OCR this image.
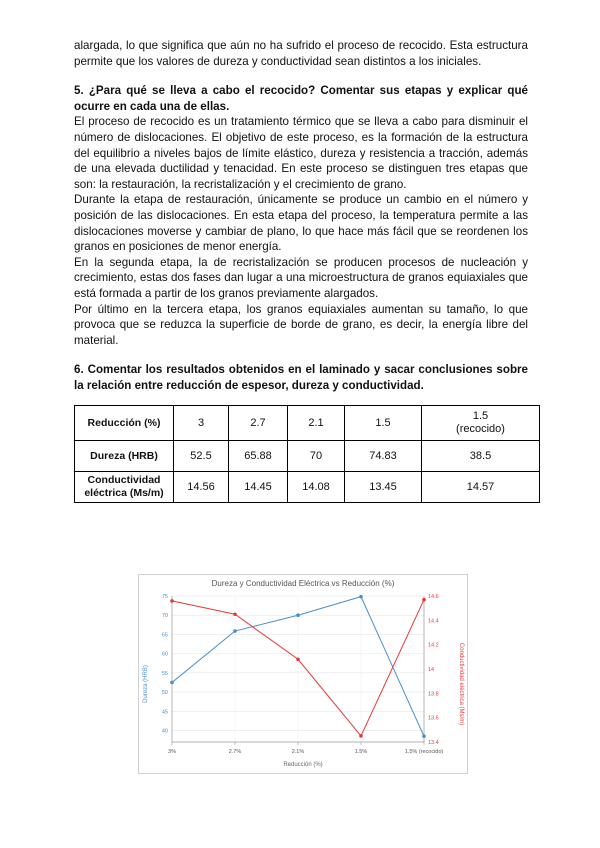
alargada, lo que significa que aún no ha sufrido el proceso de recocido. Esta estructura permite que los valores de dureza y conductividad sean distintos a los iniciales.

5. ¿Para qué se lleva a cabo el recocido? Comentar sus etapas y explicar qué ocurre en cada una de ellas.

El proceso de recocido es un tratamiento térmico que se lleva a cabo para disminuir el número de dislocaciones. El objetivo de este proceso, es la formación de la estructura del equilibrio a niveles bajos de límite elástico, dureza y resistencia a tracción, además de una elevada ductilidad y tenacidad. En este proceso se distinguen tres etapas que son: la restauración, la recristalización y el crecimiento de grano.

Durante la etapa de restauración, únicamente se produce un cambio en el número y posición de las dislocaciones. En esta etapa del proceso, la temperatura permite a las dislocaciones moverse y cambiar de plano, lo que hace más fácil que se reordenen los granos en posiciones de menor energía.

En la segunda etapa, la de recristalización se producen procesos de nucleación y crecimiento, estas dos fases dan lugar a una microestructura de granos equiaxiales que está formada a partir de los granos previamente alargados.

Por último en la tercera etapa, los granos equiaxiales aumentan su tamaño, lo que provoca que se reduzca la superficie de borde de grano, es decir, la energía libre del material.

6. Comentar los resultados obtenidos en el laminado y sacar conclusiones sobre la relación entre reducción de espesor, dureza y conductividad.
Reducción (%)	3	2.7	2.1	1.5	1.5
(recocido)
Dureza (HRB)	52.5	65.88	70	74.83	38.5
Conductividad eléctrica (Ms/m)	14.56	14.45	14.08	13.45	14.57
Dureza y Conductividad Eléctrica vs Reducción (%)
40
45
50
55
60
65
70
75
13.4
13.6
13.8
14
14.2
14.4
14.6
3%	2.7%	2.1%	1.5%	1.5% (recocido)
Reducción (%)
Dureza (HRB)	Conductividad eléctrica (Ms/m)
